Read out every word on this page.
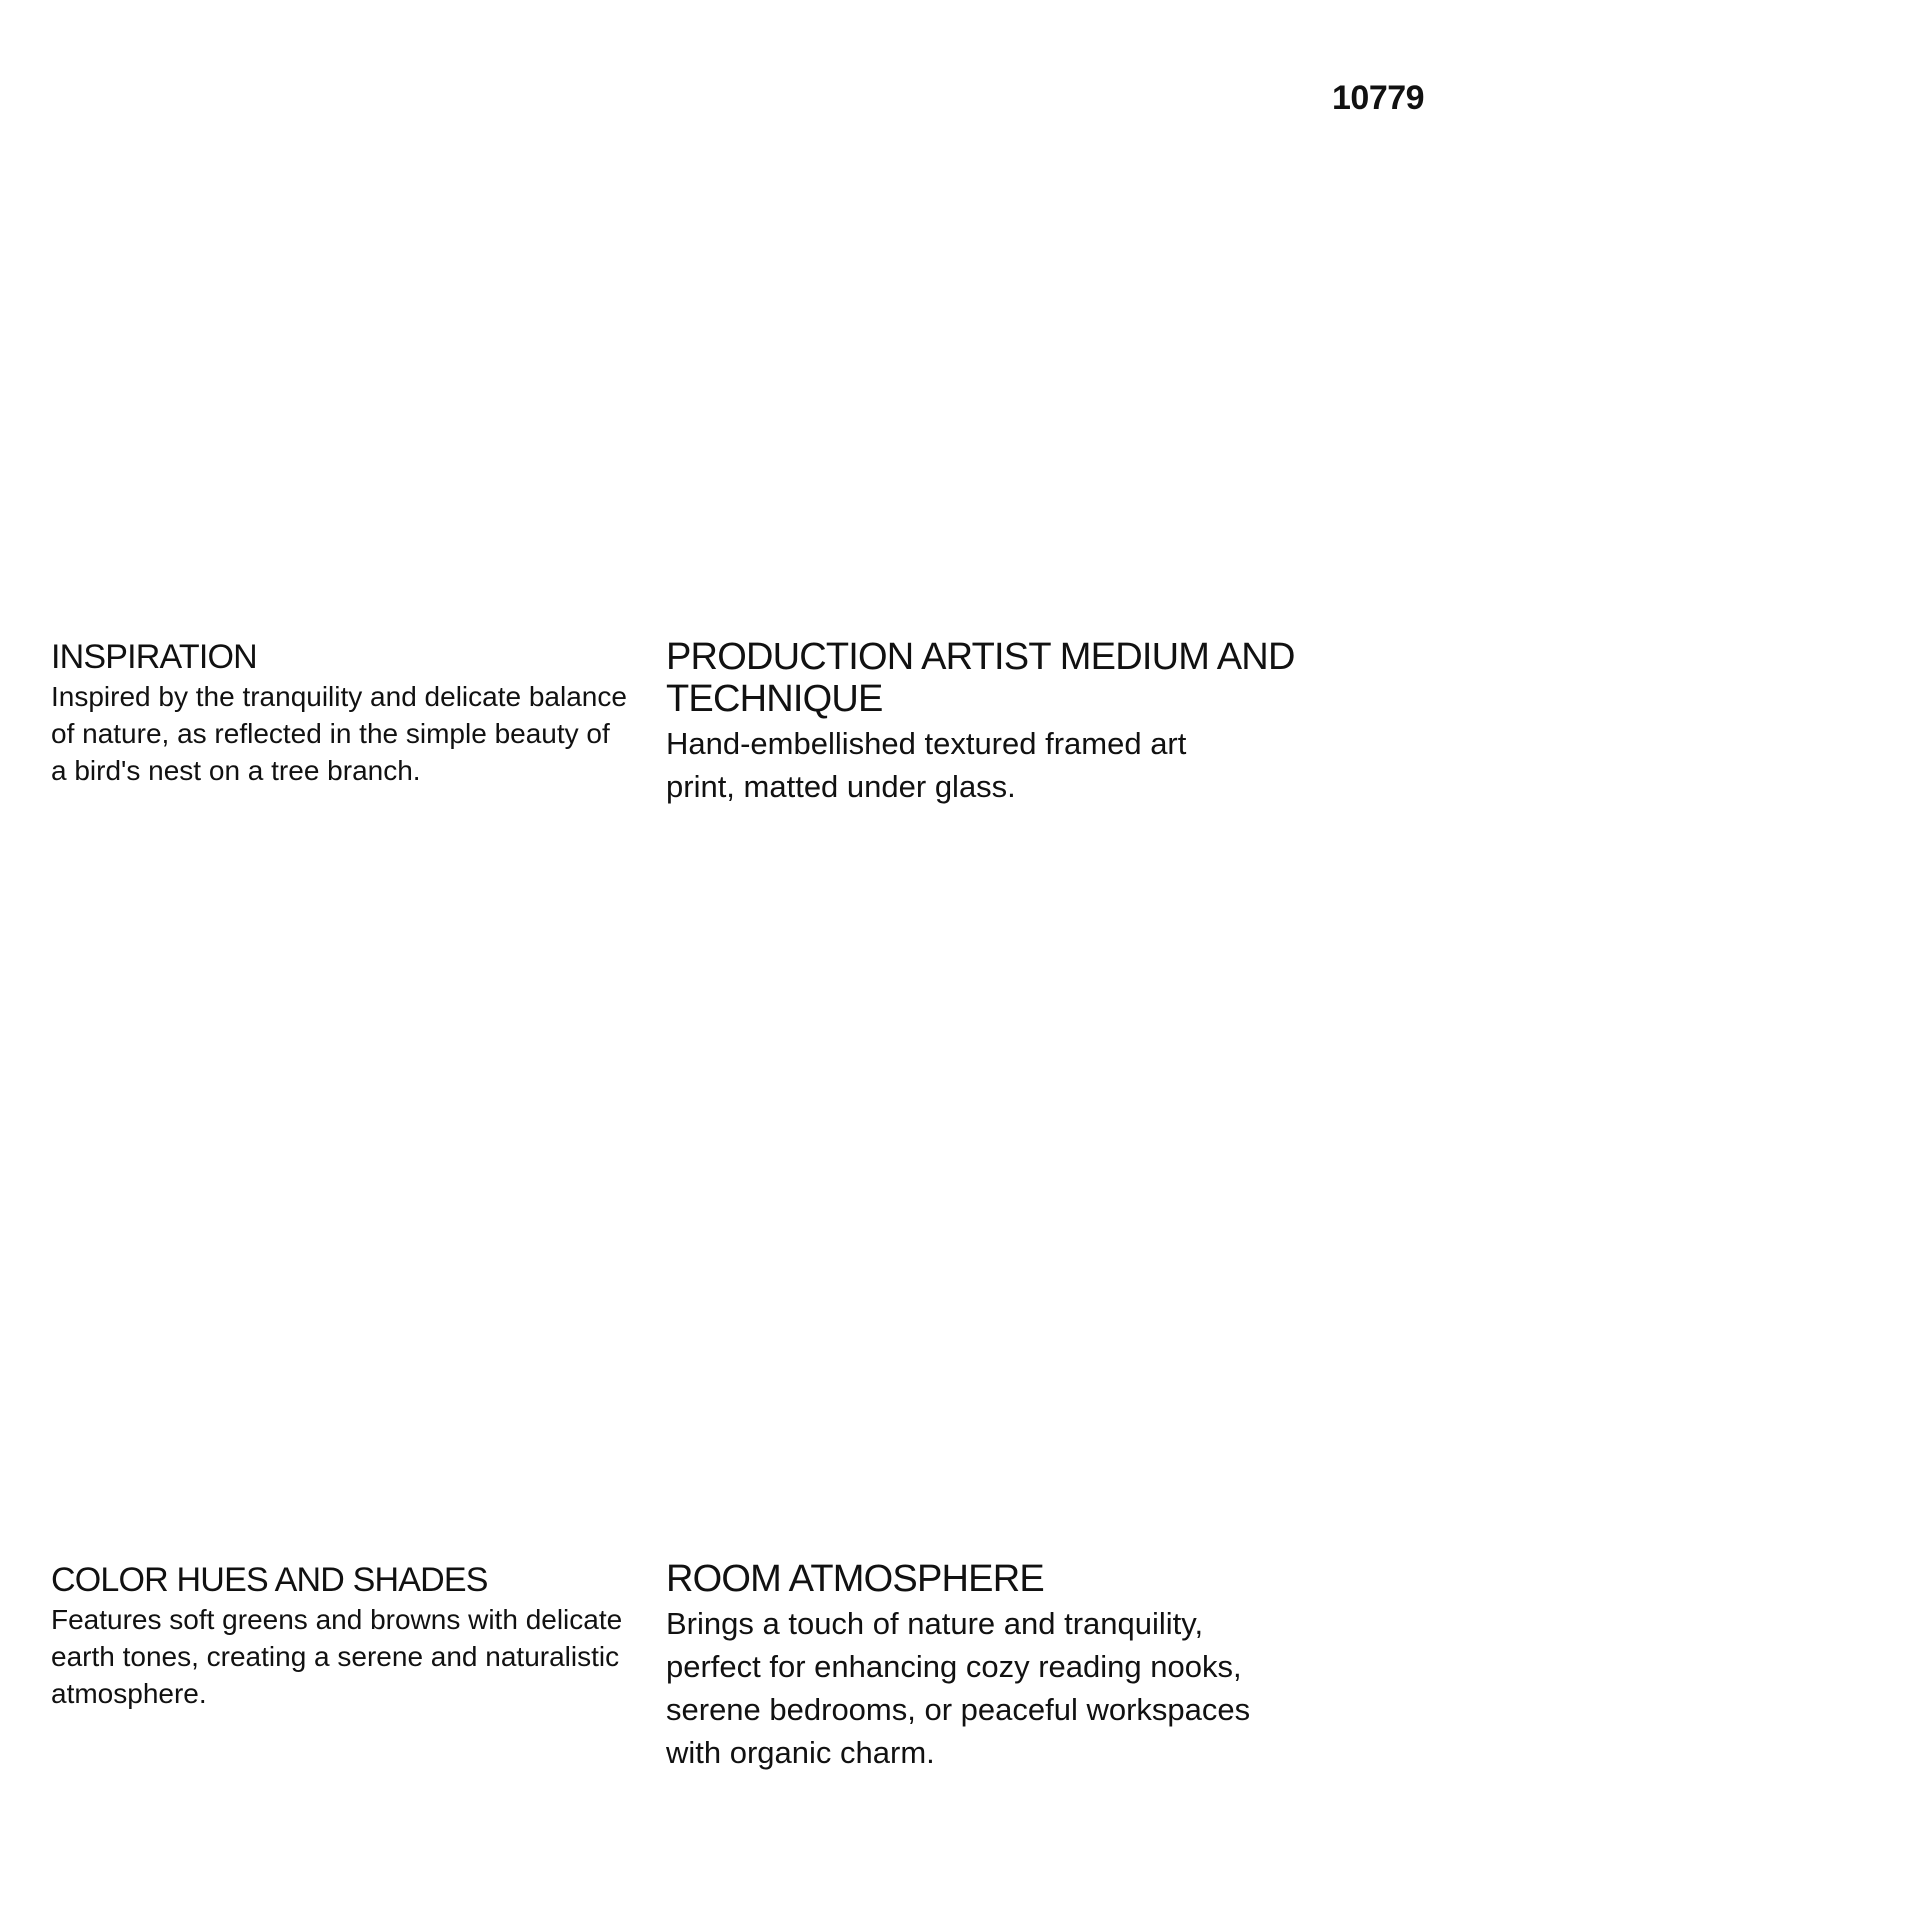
10779
INSPIRATION

Inspired by the tranquility and delicate balance of nature, as reflected in the simple beauty of a bird's nest on a tree branch.

PRODUCTION ARTIST MEDIUM AND TECHNIQUE

Hand-embellished textured framed art print, matted under glass.

COLOR HUES AND SHADES

Features soft greens and browns with delicate earth tones, creating a serene and naturalistic atmosphere.

ROOM ATMOSPHERE

Brings a touch of nature and tranquility, perfect for enhancing cozy reading nooks, serene bedrooms, or peaceful workspaces with organic charm.
